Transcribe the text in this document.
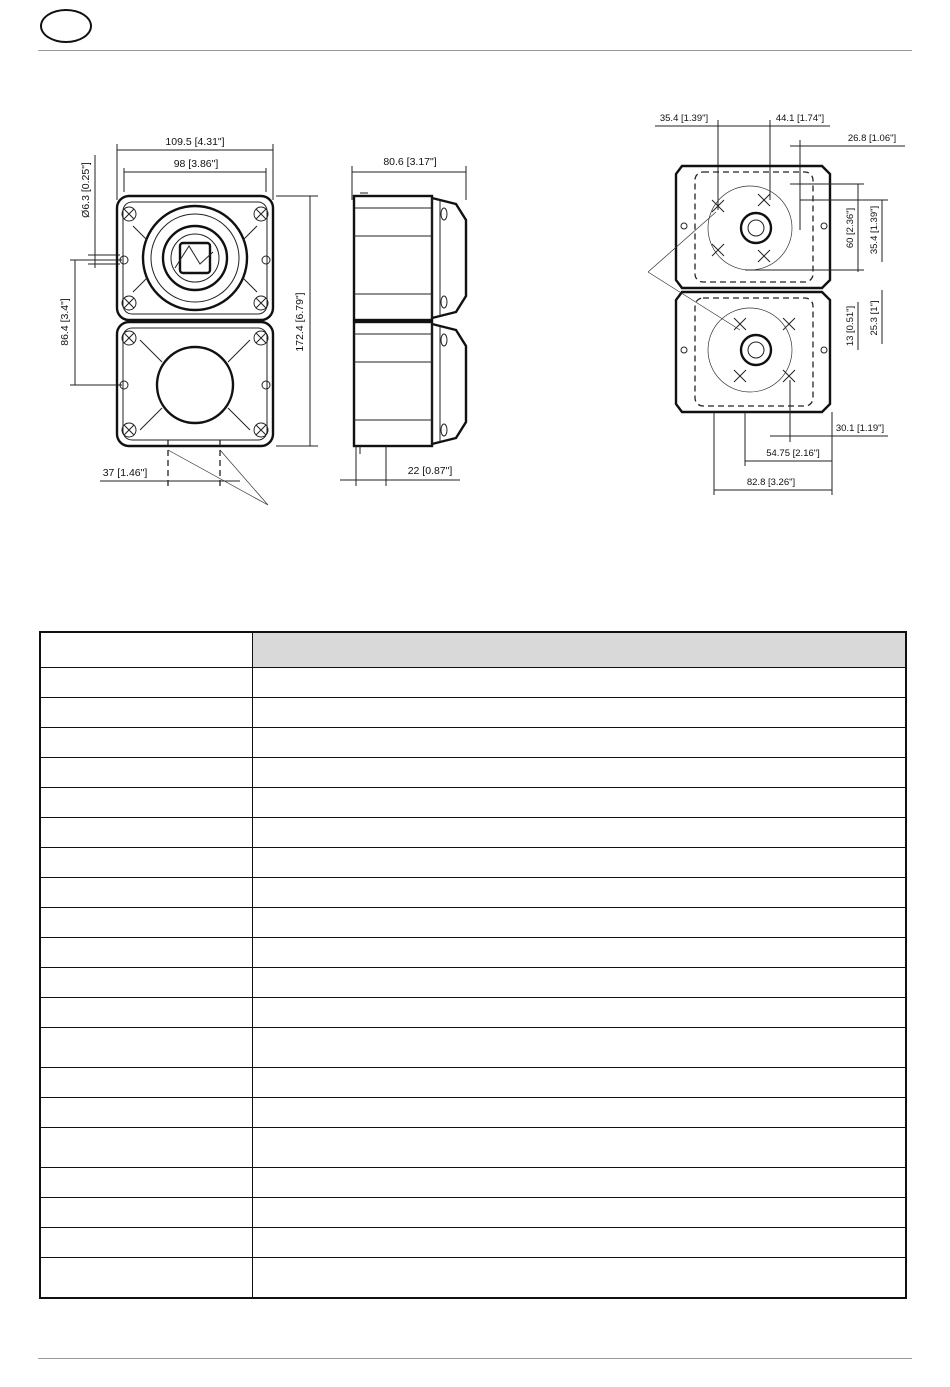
109.5 [4.31"]
98 [3.86"]
Ø6.3 [0.25"]
86.4 [3.4"]	172.4 [6.79"]
37 [1.46"]
80.6 [3.17"]
22 [0.87"]
35.4 [1.39"]	44.1 [1.74"]
26.8 [1.06"]
60 [2.36"] 35.4 [1.39"]
13 [0.51"] 25.3 [1"]
30.1 [1.19"]
54.75 [2.16"]
82.8 [3.26"]
